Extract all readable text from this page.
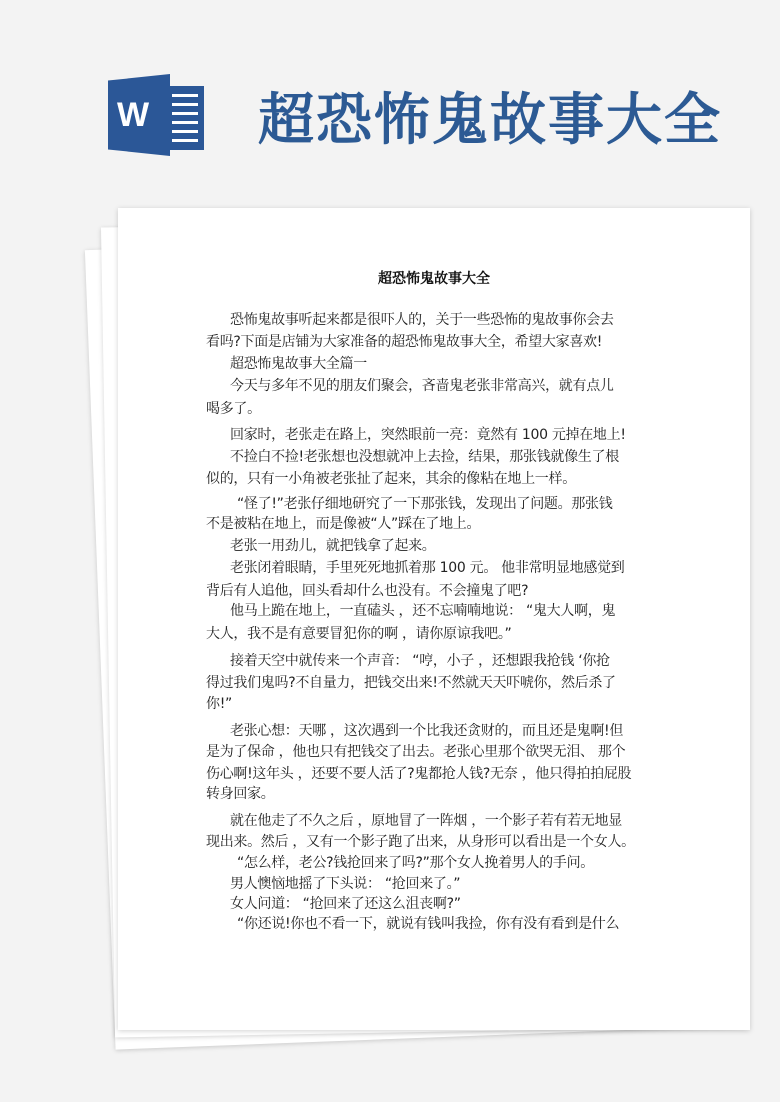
W 超恐怖鬼故事大全
超恐怖鬼故事大全
恐怖鬼故事听起来都是很吓人的，关于一些恐怖的鬼故事你会去
看吗?下面是店铺为大家准备的超恐怖鬼故事大全，希望大家喜欢!
超恐怖鬼故事大全篇一
今天与多年不见的朋友们聚会，吝啬鬼老张非常高兴，就有点儿
喝多了。
回家时，老张走在路上，突然眼前一亮：竟然有 100 元掉在地上!
不捡白不捡!老张想也没想就冲上去捡，结果，那张钱就像生了根
似的，只有一小角被老张扯了起来，其余的像粘在地上一样。
“怪了!”老张仔细地研究了一下那张钱，发现出了问题。那张钱
不是被粘在地上，而是像被“人”踩在了地上。
老张一用劲儿，就把钱拿了起来。
老张闭着眼睛，手里死死地抓着那 100 元。 他非常明显地感觉到
背后有人追他，回头看却什么也没有。不会撞鬼了吧?
他马上跪在地上，一直磕头 ，还不忘喃喃地说： “鬼大人啊，鬼
大人，我不是有意要冒犯你的啊 ，请你原谅我吧。”
接着天空中就传来一个声音： “哼，小子 ，还想跟我抢钱 ‘你抢
得过我们鬼吗?不自量力，把钱交出来!不然就天天吓唬你，然后杀了
你!”
老张心想：天哪 ，这次遇到一个比我还贪财的，而且还是鬼啊!但
是为了保命 ，他也只有把钱交了出去。老张心里那个欲哭无泪、 那个
伤心啊!这年头 ，还要不要人活了?鬼都抢人钱?无奈 ，他只得拍拍屁股
转身回家。
就在他走了不久之后 ，原地冒了一阵烟 ，一个影子若有若无地显
现出来。然后 ，又有一个影子跑了出来，从身形可以看出是一个女人。
“怎么样，老公?钱抢回来了吗?”那个女人挽着男人的手问。
男人懊恼地摇了下头说： “抢回来了。”
女人问道： “抢回来了还这么沮丧啊?”
“你还说!你也不看一下，就说有钱叫我捡，你有没有看到是什么
